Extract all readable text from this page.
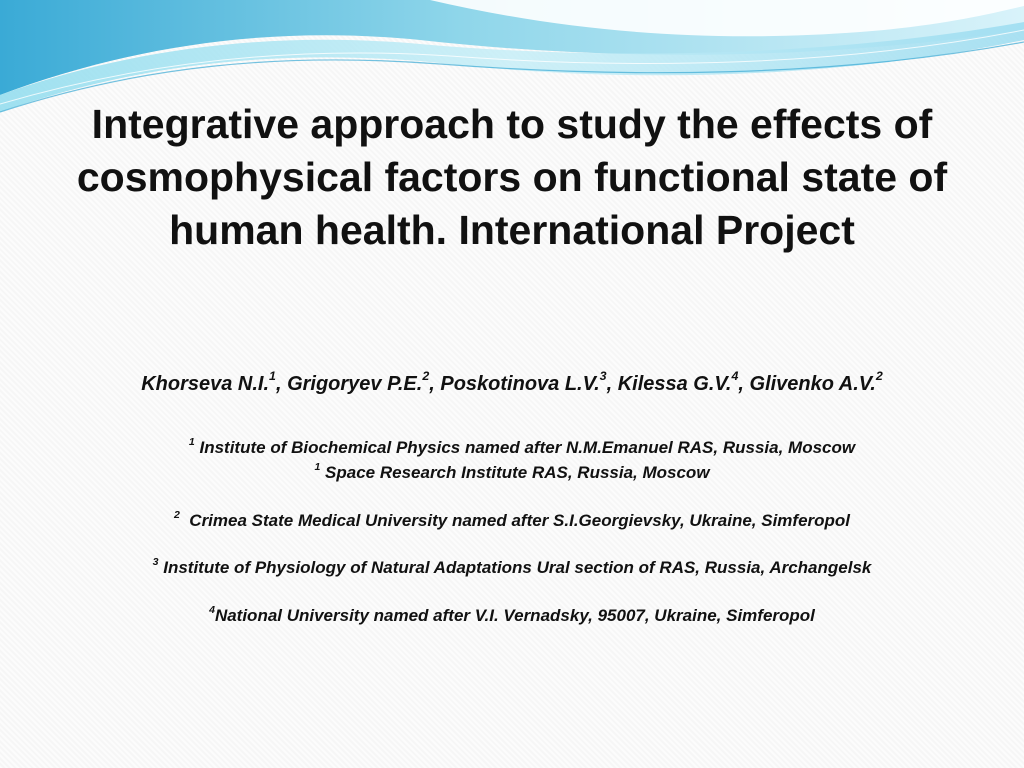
Integrative approach to study the effects of
cosmophysical factors on functional state of
human health. International Project
Khorseva N.I.$^1$, Grigoryev P.E.$^2$, Poskotinova L.V.$^3$, Kilessa G.V.$^4$, Glivenko A.V.$^2$
$^1$ Institute of Biochemical Physics named after N.M.Emanuel RAS, Russia, Moscow
$^1$ Space Research Institute RAS, Russia, Moscow
$^2$  Crimea State Medical University named after S.I.Georgievsky, Ukraine, Simferopol
$^3$ Institute of Physiology of Natural Adaptations Ural section of RAS, Russia, Archangelsk
$^4$National University named after V.I. Vernadsky, 95007, Ukraine, Simferopol
